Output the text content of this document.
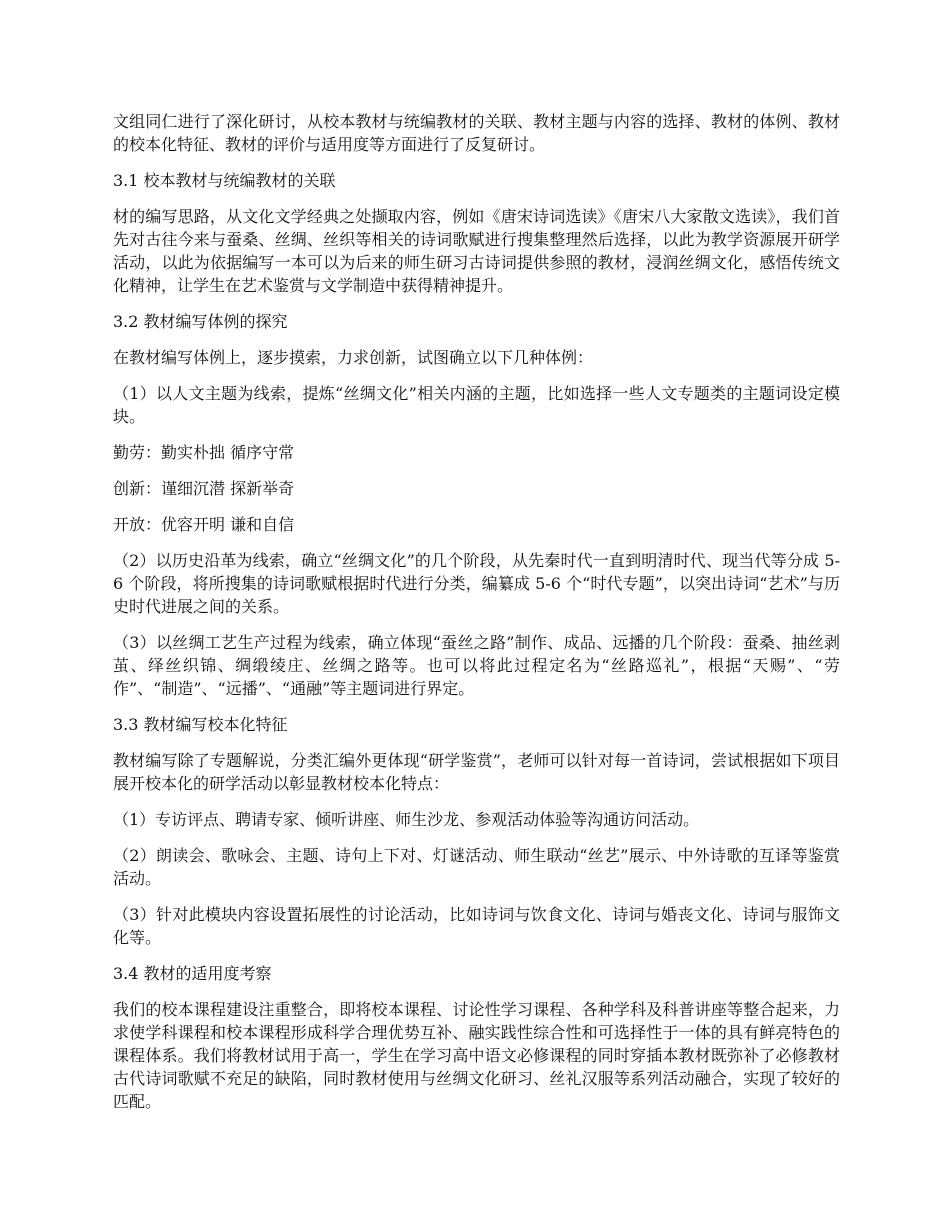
文组同仁进行了深化研讨，从校本教材与统编教材的关联、教材主题与内容的选择、教材的体例、教材的校本化特征、教材的评价与适用度等方面进行了反复研讨。

3.1 校本教材与统编教材的关联

材的编写思路，从文化文学经典之处撷取内容，例如《唐宋诗词选读》《唐宋八大家散文选读》，我们首先对古往今来与蚕桑、丝绸、丝织等相关的诗词歌赋进行搜集整理然后选择，以此为教学资源展开研学活动，以此为依据编写一本可以为后来的师生研习古诗词提供参照的教材，浸润丝绸文化，感悟传统文化精神，让学生在艺术鉴赏与文学制造中获得精神提升。

3.2 教材编写体例的探究

在教材编写体例上，逐步摸索，力求创新，试图确立以下几种体例：

（1）以人文主题为线索，提炼“丝绸文化”相关内涵的主题，比如选择一些人文专题类的主题词设定模块。

勤劳：勤实朴拙 循序守常

创新：谨细沉潜 探新举奇

开放：优容开明 谦和自信

（2）以历史沿革为线索，确立“丝绸文化”的几个阶段，从先秦时代一直到明清时代、现当代等分成 5-6 个阶段，将所搜集的诗词歌赋根据时代进行分类，编纂成 5-6 个“时代专题”，以突出诗词“艺术”与历史时代进展之间的关系。

（3）以丝绸工艺生产过程为线索，确立体现“蚕丝之路”制作、成品、远播的几个阶段：蚕桑、抽丝剥茧、绎丝织锦、绸缎绫庄、丝绸之路等。也可以将此过程定名为“丝路巡礼”，根据“天赐”、“劳作”、“制造”、“远播”、“通融”等主题词进行界定。

3.3 教材编写校本化特征

教材编写除了专题解说，分类汇编外更体现“研学鉴赏”，老师可以针对每一首诗词，尝试根据如下项目展开校本化的研学活动以彰显教材校本化特点：

（1）专访评点、聘请专家、倾听讲座、师生沙龙、参观活动体验等沟通访问活动。

（2）朗读会、歌咏会、主题、诗句上下对、灯谜活动、师生联动“丝艺”展示、中外诗歌的互译等鉴赏活动。

（3）针对此模块内容设置拓展性的讨论活动，比如诗词与饮食文化、诗词与婚丧文化、诗词与服饰文化等。

3.4 教材的适用度考察

我们的校本课程建设注重整合，即将校本课程、讨论性学习课程、各种学科及科普讲座等整合起来，力求使学科课程和校本课程形成科学合理优势互补、融实践性综合性和可选择性于一体的具有鲜亮特色的课程体系。我们将教材试用于高一，学生在学习高中语文必修课程的同时穿插本教材既弥补了必修教材古代诗词歌赋不充足的缺陷，同时教材使用与丝绸文化研习、丝礼汉服等系列活动融合，实现了较好的匹配。
